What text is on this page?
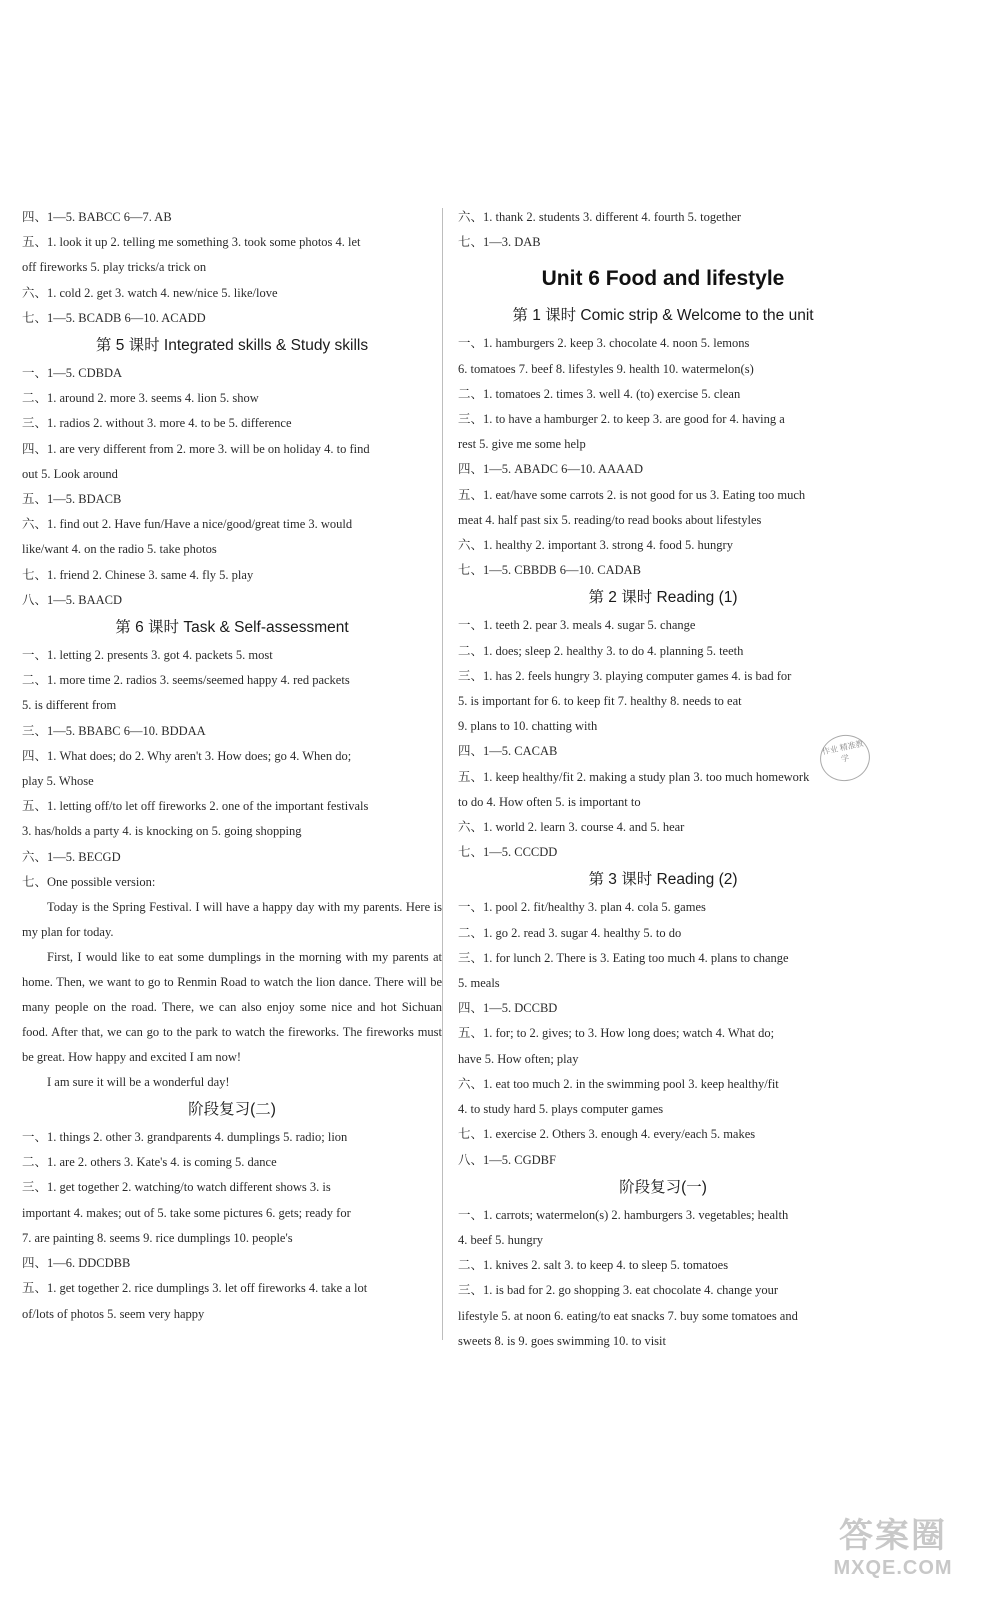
四、1—5. BABCC 6—7. AB
五、1. look it up 2. telling me something 3. took some photos 4. let
off fireworks 5. play tricks/a trick on
六、1. cold 2. get 3. watch 4. new/nice 5. like/love
七、1—5. BCADB 6—10. ACADD
第 5 课时 Integrated skills & Study skills
一、1—5. CDBDA
二、1. around 2. more 3. seems 4. lion 5. show
三、1. radios 2. without 3. more 4. to be 5. difference
四、1. are very different from 2. more 3. will be on holiday 4. to find
out 5. Look around
五、1—5. BDACB
六、1. find out 2. Have fun/Have a nice/good/great time 3. would
like/want 4. on the radio 5. take photos
七、1. friend 2. Chinese 3. same 4. fly 5. play
八、1—5. BAACD
第 6 课时 Task & Self-assessment
一、1. letting 2. presents 3. got 4. packets 5. most
二、1. more time 2. radios 3. seems/seemed happy 4. red packets
5. is different from
三、1—5. BBABC 6—10. BDDAA
四、1. What does; do 2. Why aren't 3. How does; go 4. When do;
play 5. Whose
五、1. letting off/to let off fireworks 2. one of the important festivals
3. has/holds a party 4. is knocking on 5. going shopping
六、1—5. BECGD
七、One possible version:
Today is the Spring Festival. I will have a happy day with my parents. Here is my plan for today.
First, I would like to eat some dumplings in the morning with my parents at home. Then, we want to go to Renmin Road to watch the lion dance. There will be many people on the road. There, we can also enjoy some nice and hot Sichuan food. After that, we can go to the park to watch the fireworks. The fireworks must be great. How happy and excited I am now!
I am sure it will be a wonderful day!
阶段复习(二)
一、1. things 2. other 3. grandparents 4. dumplings 5. radio; lion
二、1. are 2. others 3. Kate's 4. is coming 5. dance
三、1. get together 2. watching/to watch different shows 3. is
important 4. makes; out of 5. take some pictures 6. gets; ready for
7. are painting 8. seems 9. rice dumplings 10. people's
四、1—6. DDCDBB
五、1. get together 2. rice dumplings 3. let off fireworks 4. take a lot
of/lots of photos 5. seem very happy
六、1. thank 2. students 3. different 4. fourth 5. together
七、1—3. DAB
Unit 6 Food and lifestyle
第 1 课时 Comic strip & Welcome to the unit
一、1. hamburgers 2. keep 3. chocolate 4. noon 5. lemons
6. tomatoes 7. beef 8. lifestyles 9. health 10. watermelon(s)
二、1. tomatoes 2. times 3. well 4. (to) exercise 5. clean
三、1. to have a hamburger 2. to keep 3. are good for 4. having a
rest 5. give me some help
四、1—5. ABADC 6—10. AAAAD
五、1. eat/have some carrots 2. is not good for us 3. Eating too much
meat 4. half past six 5. reading/to read books about lifestyles
六、1. healthy 2. important 3. strong 4. food 5. hungry
七、1—5. CBBDB 6—10. CADAB
第 2 课时 Reading (1)
一、1. teeth 2. pear 3. meals 4. sugar 5. change
二、1. does; sleep 2. healthy 3. to do 4. planning 5. teeth
三、1. has 2. feels hungry 3. playing computer games 4. is bad for
5. is important for 6. to keep fit 7. healthy 8. needs to eat
9. plans to 10. chatting with
四、1—5. CACAB
五、1. keep healthy/fit 2. making a study plan 3. too much homework
to do 4. How often 5. is important to
六、1. world 2. learn 3. course 4. and 5. hear
七、1—5. CCCDD
第 3 课时 Reading (2)
一、1. pool 2. fit/healthy 3. plan 4. cola 5. games
二、1. go 2. read 3. sugar 4. healthy 5. to do
三、1. for lunch 2. There is 3. Eating too much 4. plans to change
5. meals
四、1—5. DCCBD
五、1. for; to 2. gives; to 3. How long does; watch 4. What do;
have 5. How often; play
六、1. eat too much 2. in the swimming pool 3. keep healthy/fit
4. to study hard 5. plays computer games
七、1. exercise 2. Others 3. enough 4. every/each 5. makes
八、1—5. CGDBF
阶段复习(一)
一、1. carrots; watermelon(s) 2. hamburgers 3. vegetables; health
4. beef 5. hungry
二、1. knives 2. salt 3. to keep 4. to sleep 5. tomatoes
三、1. is bad for 2. go shopping 3. eat chocolate 4. change your
lifestyle 5. at noon 6. eating/to eat snacks 7. buy some tomatoes and
sweets 8. is 9. goes swimming 10. to visit
作业 精准教学
答案圈
MXQE.COM
